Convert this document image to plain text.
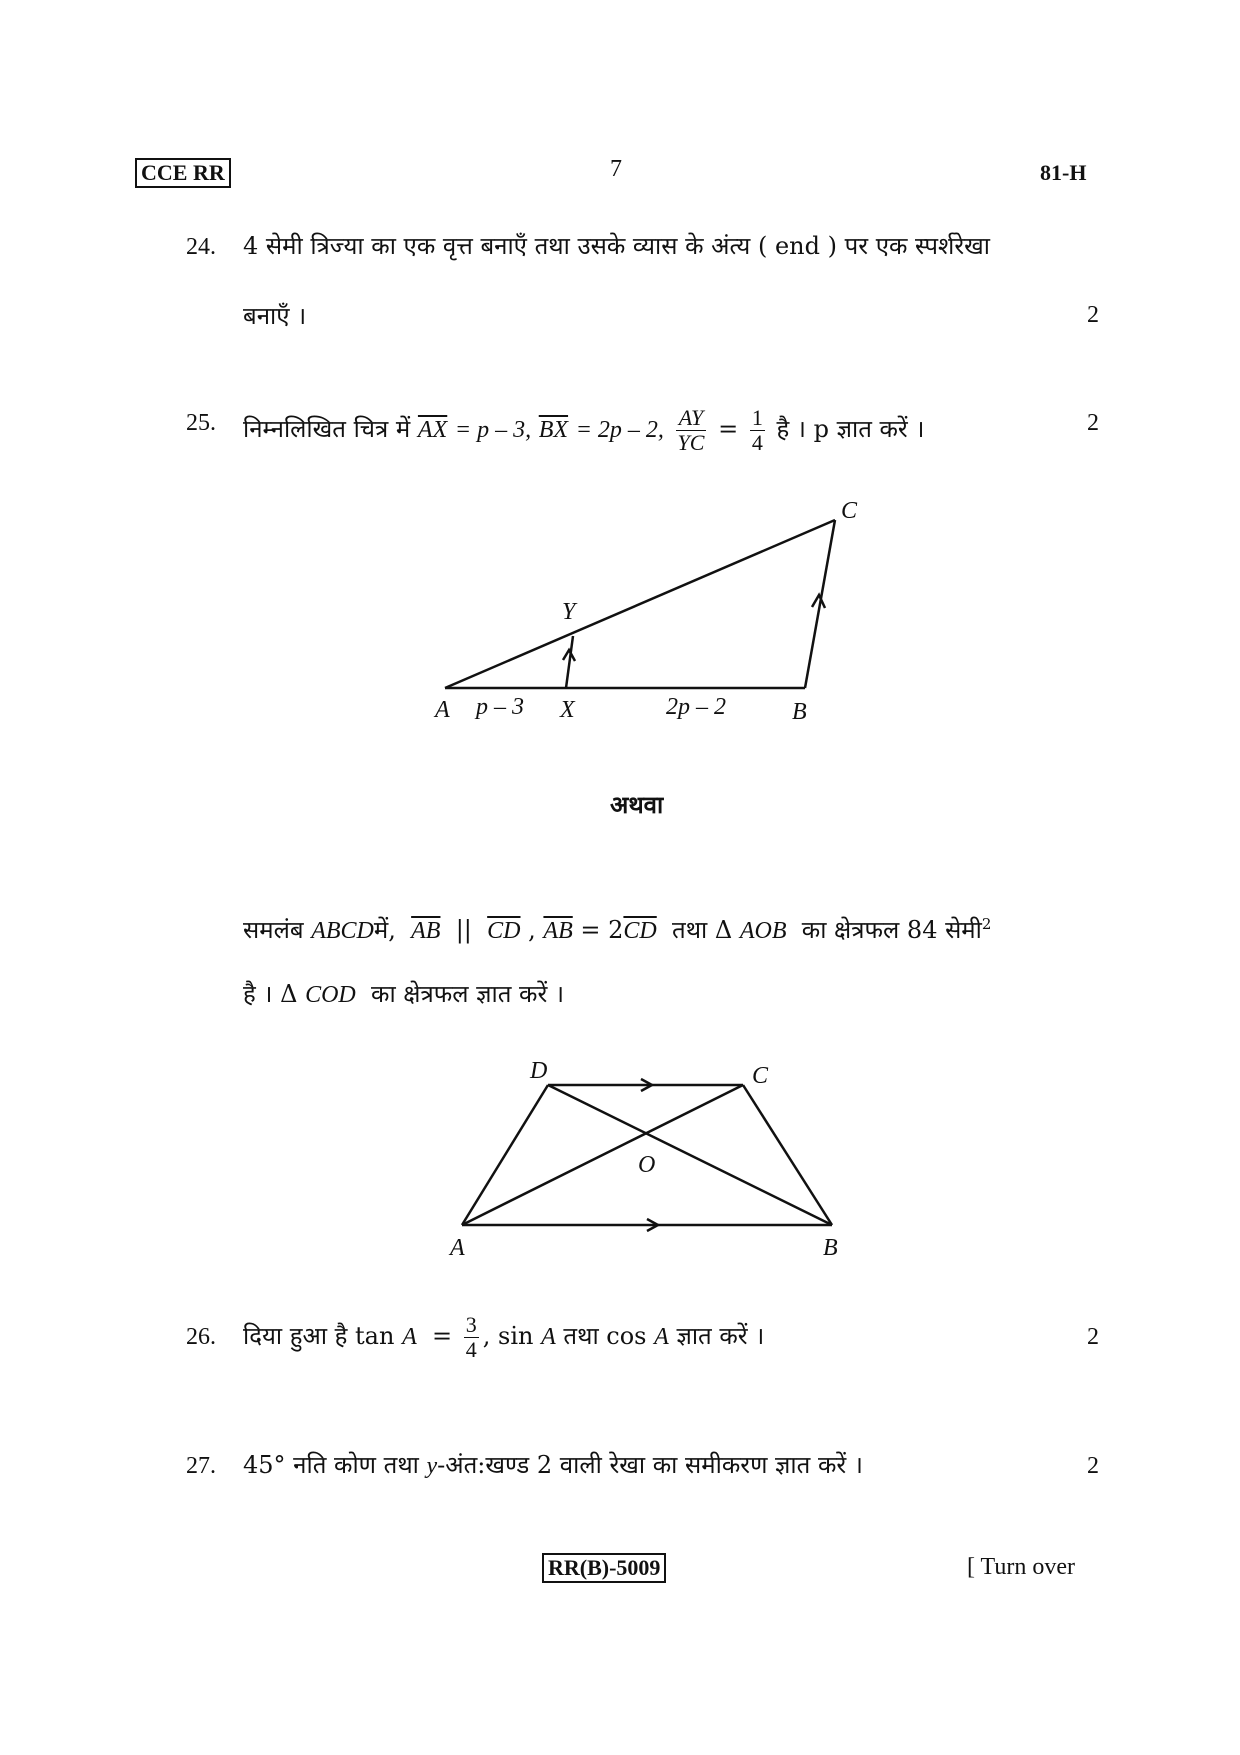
CCE RR	7	81-H
24. 4 सेमी त्रिज्या का एक वृत्त बनाएँ तथा उसके व्यास के अंत्य ( end ) पर एक स्पर्शरेखा
बनाएँ ।	2
25. निम्नलिखित चित्र में $\overline{AX} = p - 3$, $\overline{BX} = 2p - 2$, $\frac{AY}{YC} = \frac{1}{4}$ है । p ज्ञात करें ।	2
A	X	B
C
Y
p – 3	2p – 2
अथवा
समलंब ABCDमें, $\overline{AB}$ || $\overline{CD}$ , $\overline{AB} = 2\overline{CD}$ तथा Δ AOB का क्षेत्रफल 84 सेमी$^2$
है । Δ COD का क्षेत्रफल ज्ञात करें ।
A	B
C
D
O
26. दिया हुआ है $\tan A = \frac{3}{4}$ , sin A तथा cos A ज्ञात करें ।	2
27. 45° नति कोण तथा y-अंत:खण्ड 2 वाली रेखा का समीकरण ज्ञात करें ।	2
RR(B)-5009	[ Turn over
